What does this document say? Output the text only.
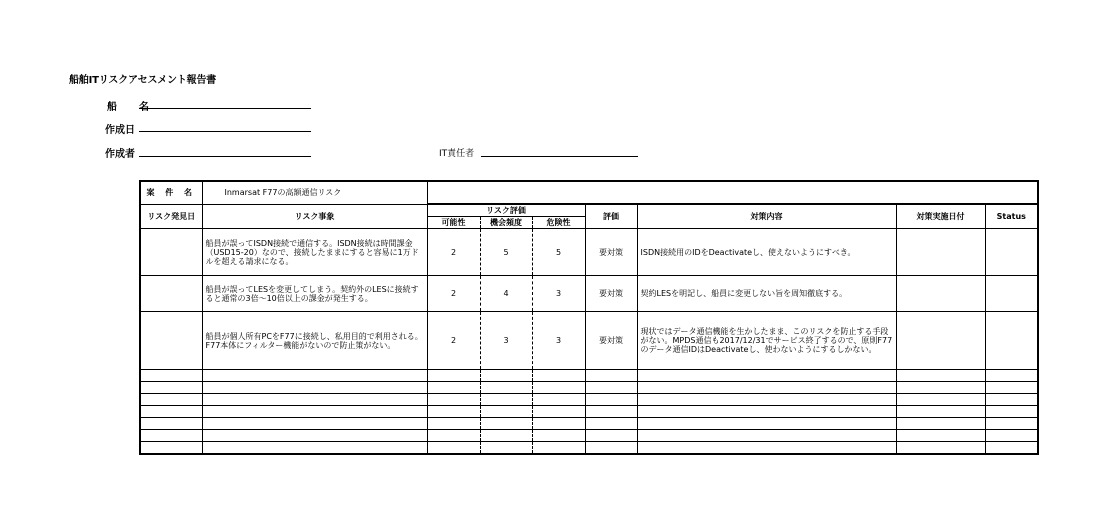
船舶ITリスクアセスメント報告書
船　名
作成日
作成者	IT責任者
案 件 名	Inmarsat F77の高額通信リスク							
リスク発見日	リスク事象	リスク評価			評価	対策内容	対策実施日付	Status
		可能性	機会頻度	危険性				
	船員が誤ってISDN接続で通信する。ISDN接続は時間課金（USD15-20）なので、接続したままにすると容易に1万ドルを超える請求になる。	2	5	5	要対策	ISDN接続用のIDをDeactivateし、使えないようにすべき。		
	船員が誤ってLESを変更してしまう。契約外のLESに接続すると通常の3倍〜10倍以上の課金が発生する。	2	4	3	要対策	契約LESを明記し、船員に変更しない旨を周知徹底する。		
	船員が個人所有PCをF77に接続し、私用目的で利用される。F77本体にフィルター機能がないので防止策がない。	2	3	3	要対策	現状ではデータ通信機能を生かしたまま、このリスクを防止する手段がない。MPDS通信も2017/12/31でサービス終了するので、原則F77のデータ通信IDはDeactivateし、使わないようにするしかない。		
